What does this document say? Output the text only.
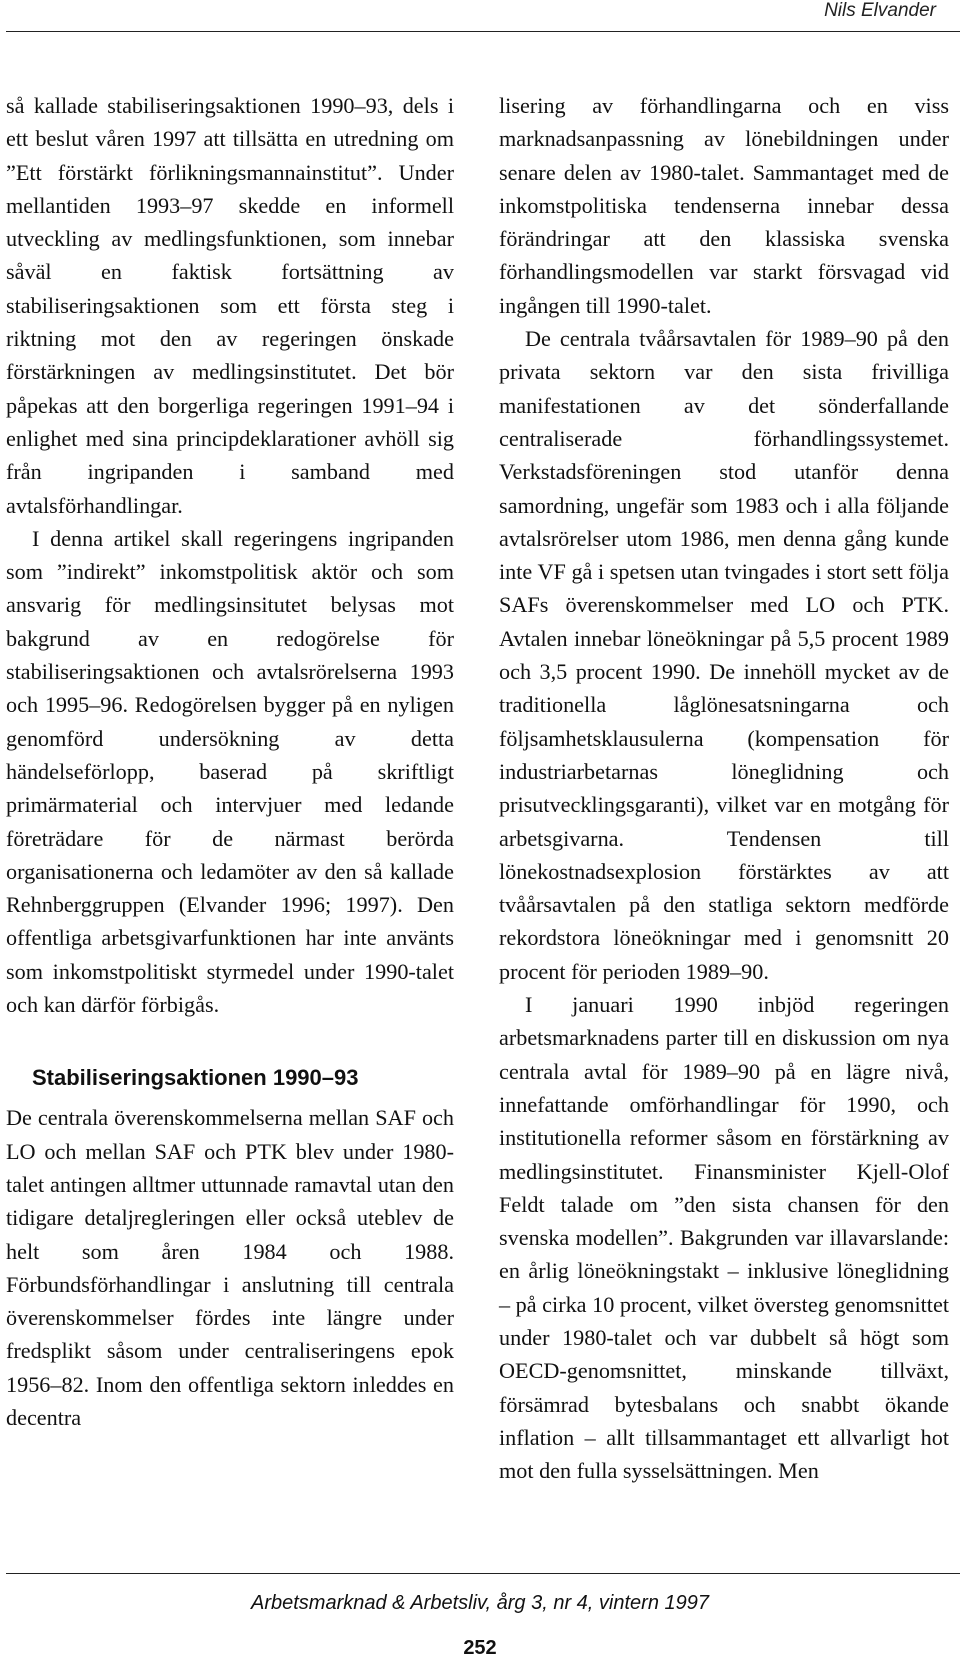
Nils Elvander

så kallade stabiliseringsaktionen 1990–93, dels i ett beslut våren 1997 att tillsätta en utredning om ”Ett förstärkt förlikningsmannainstitut”. Under mellantiden 1993–97 skedde en informell utveckling av medlingsfunktionen, som innebar såväl en faktisk fortsättning av stabiliseringsaktionen som ett första steg i riktning mot den av regeringen önskade förstärkningen av medlingsinstitutet. Det bör påpekas att den borgerliga regeringen 1991–94 i enlighet med sina principdeklarationer avhöll sig från ingripanden i samband med avtalsförhandlingar.

I denna artikel skall regeringens ingripanden som ”indirekt” inkomstpolitisk aktör och som ansvarig för medlingsinsitutet belysas mot bakgrund av en redogörelse för stabiliseringsaktionen och avtalsrörelserna 1993 och 1995–96. Redogörelsen bygger på en nyligen genomförd undersökning av detta händelseförlopp, baserad på skriftligt primärmaterial och intervjuer med ledande företrädare för de närmast berörda organisationerna och ledamöter av den så kallade Rehnberggruppen (Elvander 1996; 1997). Den offentliga arbetsgivarfunktionen har inte använts som inkomstpolitiskt styrmedel under 1990-talet och kan därför förbigås.

Stabiliseringsaktionen 1990–93

De centrala överenskommelserna mellan SAF och LO och mellan SAF och PTK blev under 1980-talet antingen alltmer uttunnade ramavtal utan den tidigare detaljregleringen eller också uteblev de helt som åren 1984 och 1988. Förbundsförhandlingar i anslutning till centrala överenskommelser fördes inte längre under fredsplikt såsom under centraliseringens epok 1956–82. Inom den offentliga sektorn inleddes en decentra

lisering av förhandlingarna och en viss marknadsanpassning av lönebildningen under senare delen av 1980-talet. Sammantaget med de inkomstpolitiska tendenserna innebar dessa förändringar att den klassiska svenska förhandlingsmodellen var starkt försvagad vid ingången till 1990-talet.

De centrala tvåårsavtalen för 1989–90 på den privata sektorn var den sista frivilliga manifestationen av det sönderfallande centraliserade förhandlingssystemet. Verkstadsföreningen stod utanför denna samordning, ungefär som 1983 och i alla följande avtalsrörelser utom 1986, men denna gång kunde inte VF gå i spetsen utan tvingades i stort sett följa SAFs överenskommelser med LO och PTK. Avtalen innebar löneökningar på 5,5 procent 1989 och 3,5 procent 1990. De innehöll mycket av de traditionella låglönesatsningarna och följsamhetsklausulerna (kompensation för industriarbetarnas löneglidning och prisutvecklingsgaranti), vilket var en motgång för arbetsgivarna. Tendensen till lönekostnadsexplosion förstärktes av att tvåårsavtalen på den statliga sektorn medförde rekordstora löneökningar med i genomsnitt 20 procent för perioden 1989–90.

I januari 1990 inbjöd regeringen arbetsmarknadens parter till en diskussion om nya centrala avtal för 1989–90 på en lägre nivå, innefattande omförhandlingar för 1990, och institutionella reformer såsom en förstärkning av medlingsinstitutet. Finansminister Kjell-Olof Feldt talade om ”den sista chansen för den svenska modellen”. Bakgrunden var illavarslande: en årlig löneökningstakt – inklusive löneglidning – på cirka 10 procent, vilket översteg genomsnittet under 1980-talet och var dubbelt så högt som OECD-genomsnittet, minskande tillväxt, försämrad bytesbalans och snabbt ökande inflation – allt tillsammantaget ett allvarligt hot mot den fulla sysselsättningen. Men

Arbetsmarknad & Arbetsliv, årg 3, nr 4, vintern 1997
252
